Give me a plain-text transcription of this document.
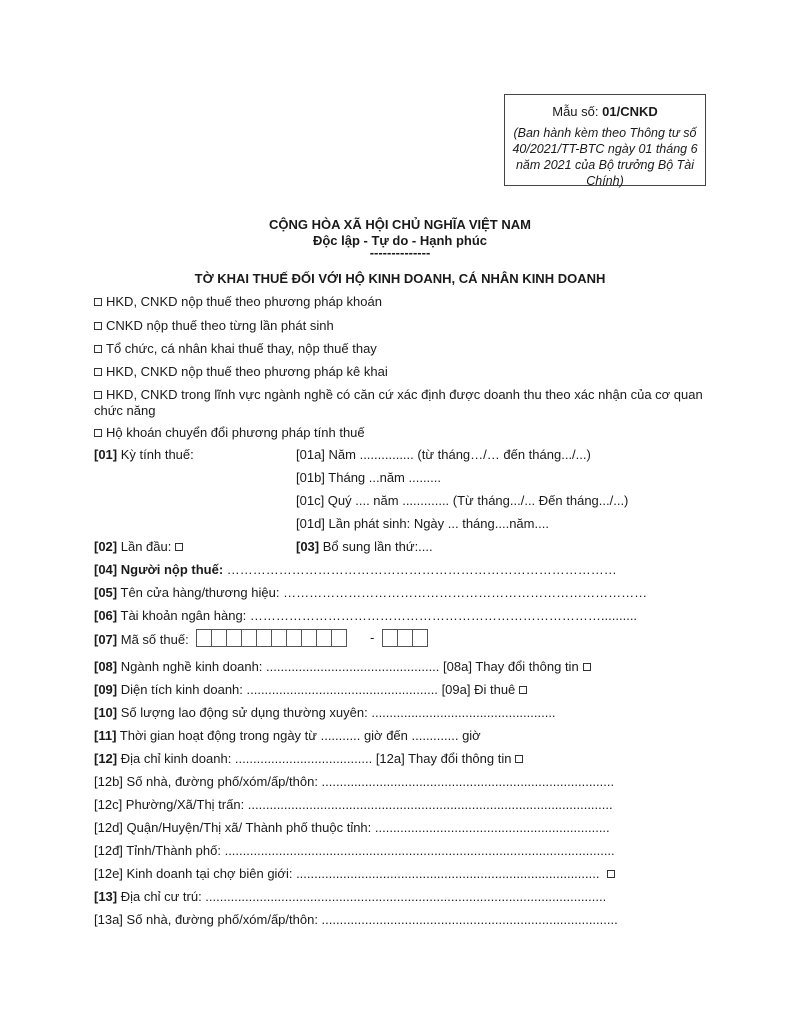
Mẫu số: 01/CNKD
(Ban hành kèm theo Thông tư số 40/2021/TT-BTC ngày 01 tháng 6 năm 2021 của Bộ trưởng Bộ Tài Chính)
CỘNG HÒA XÃ HỘI CHỦ NGHĨA VIỆT NAM
Độc lập - Tự do - Hạnh phúc
--------------
TỜ KHAI THUẾ ĐỐI VỚI HỘ KINH DOANH, CÁ NHÂN KINH DOANH
HKD, CNKD nộp thuế theo phương pháp khoán
CNKD nộp thuế theo từng lần phát sinh
Tổ chức, cá nhân khai thuế thay, nộp thuế thay
HKD, CNKD nộp thuế theo phương pháp kê khai
HKD, CNKD trong lĩnh vực ngành nghề có căn cứ xác định được doanh thu theo xác nhận của cơ quan chức năng
Hộ khoán chuyển đổi phương pháp tính thuế
[01] Kỳ tính thuế:	[01a] Năm ............... (từ tháng…/… đến tháng.../...)
[01b] Tháng ...năm .........
[01c] Quý .... năm ............. (Từ tháng.../... Đến tháng.../...)
[01d] Lần phát sinh: Ngày ... tháng....năm....
[02] Lần đầu:	[03] Bổ sung lần thứ:....
[04] Người nộp thuế: ………………………………………………………………………………
[05] Tên cửa hàng/thương hiệu: …………………………………………………………………………
[06] Tài khoản ngân hàng: ………………………………………………………………………..........
[07] Mã số thuế:	-
[08] Ngành nghề kinh doanh: ................................................ [08a] Thay đổi thông tin
[09] Diện tích kinh doanh: ..................................................... [09a] Đi thuê
[10] Số lượng lao động sử dụng thường xuyên: ...................................................
[11] Thời gian hoạt động trong ngày từ ........... giờ đến ............. giờ
[12] Địa chỉ kinh doanh: ...................................... [12a] Thay đổi thông tin
[12b] Số nhà, đường phố/xóm/ấp/thôn: .................................................................................
[12c] Phường/Xã/Thị trấn: .....................................................................................................
[12d] Quận/Huyện/Thị xã/ Thành phố thuộc tỉnh: .................................................................
[12đ] Tỉnh/Thành phố: ............................................................................................................
[12e] Kinh doanh tại chợ biên giới: ....................................................................................
[13] Địa chỉ cư trú: ...............................................................................................................
[13a] Số nhà, đường phố/xóm/ấp/thôn: ..................................................................................
